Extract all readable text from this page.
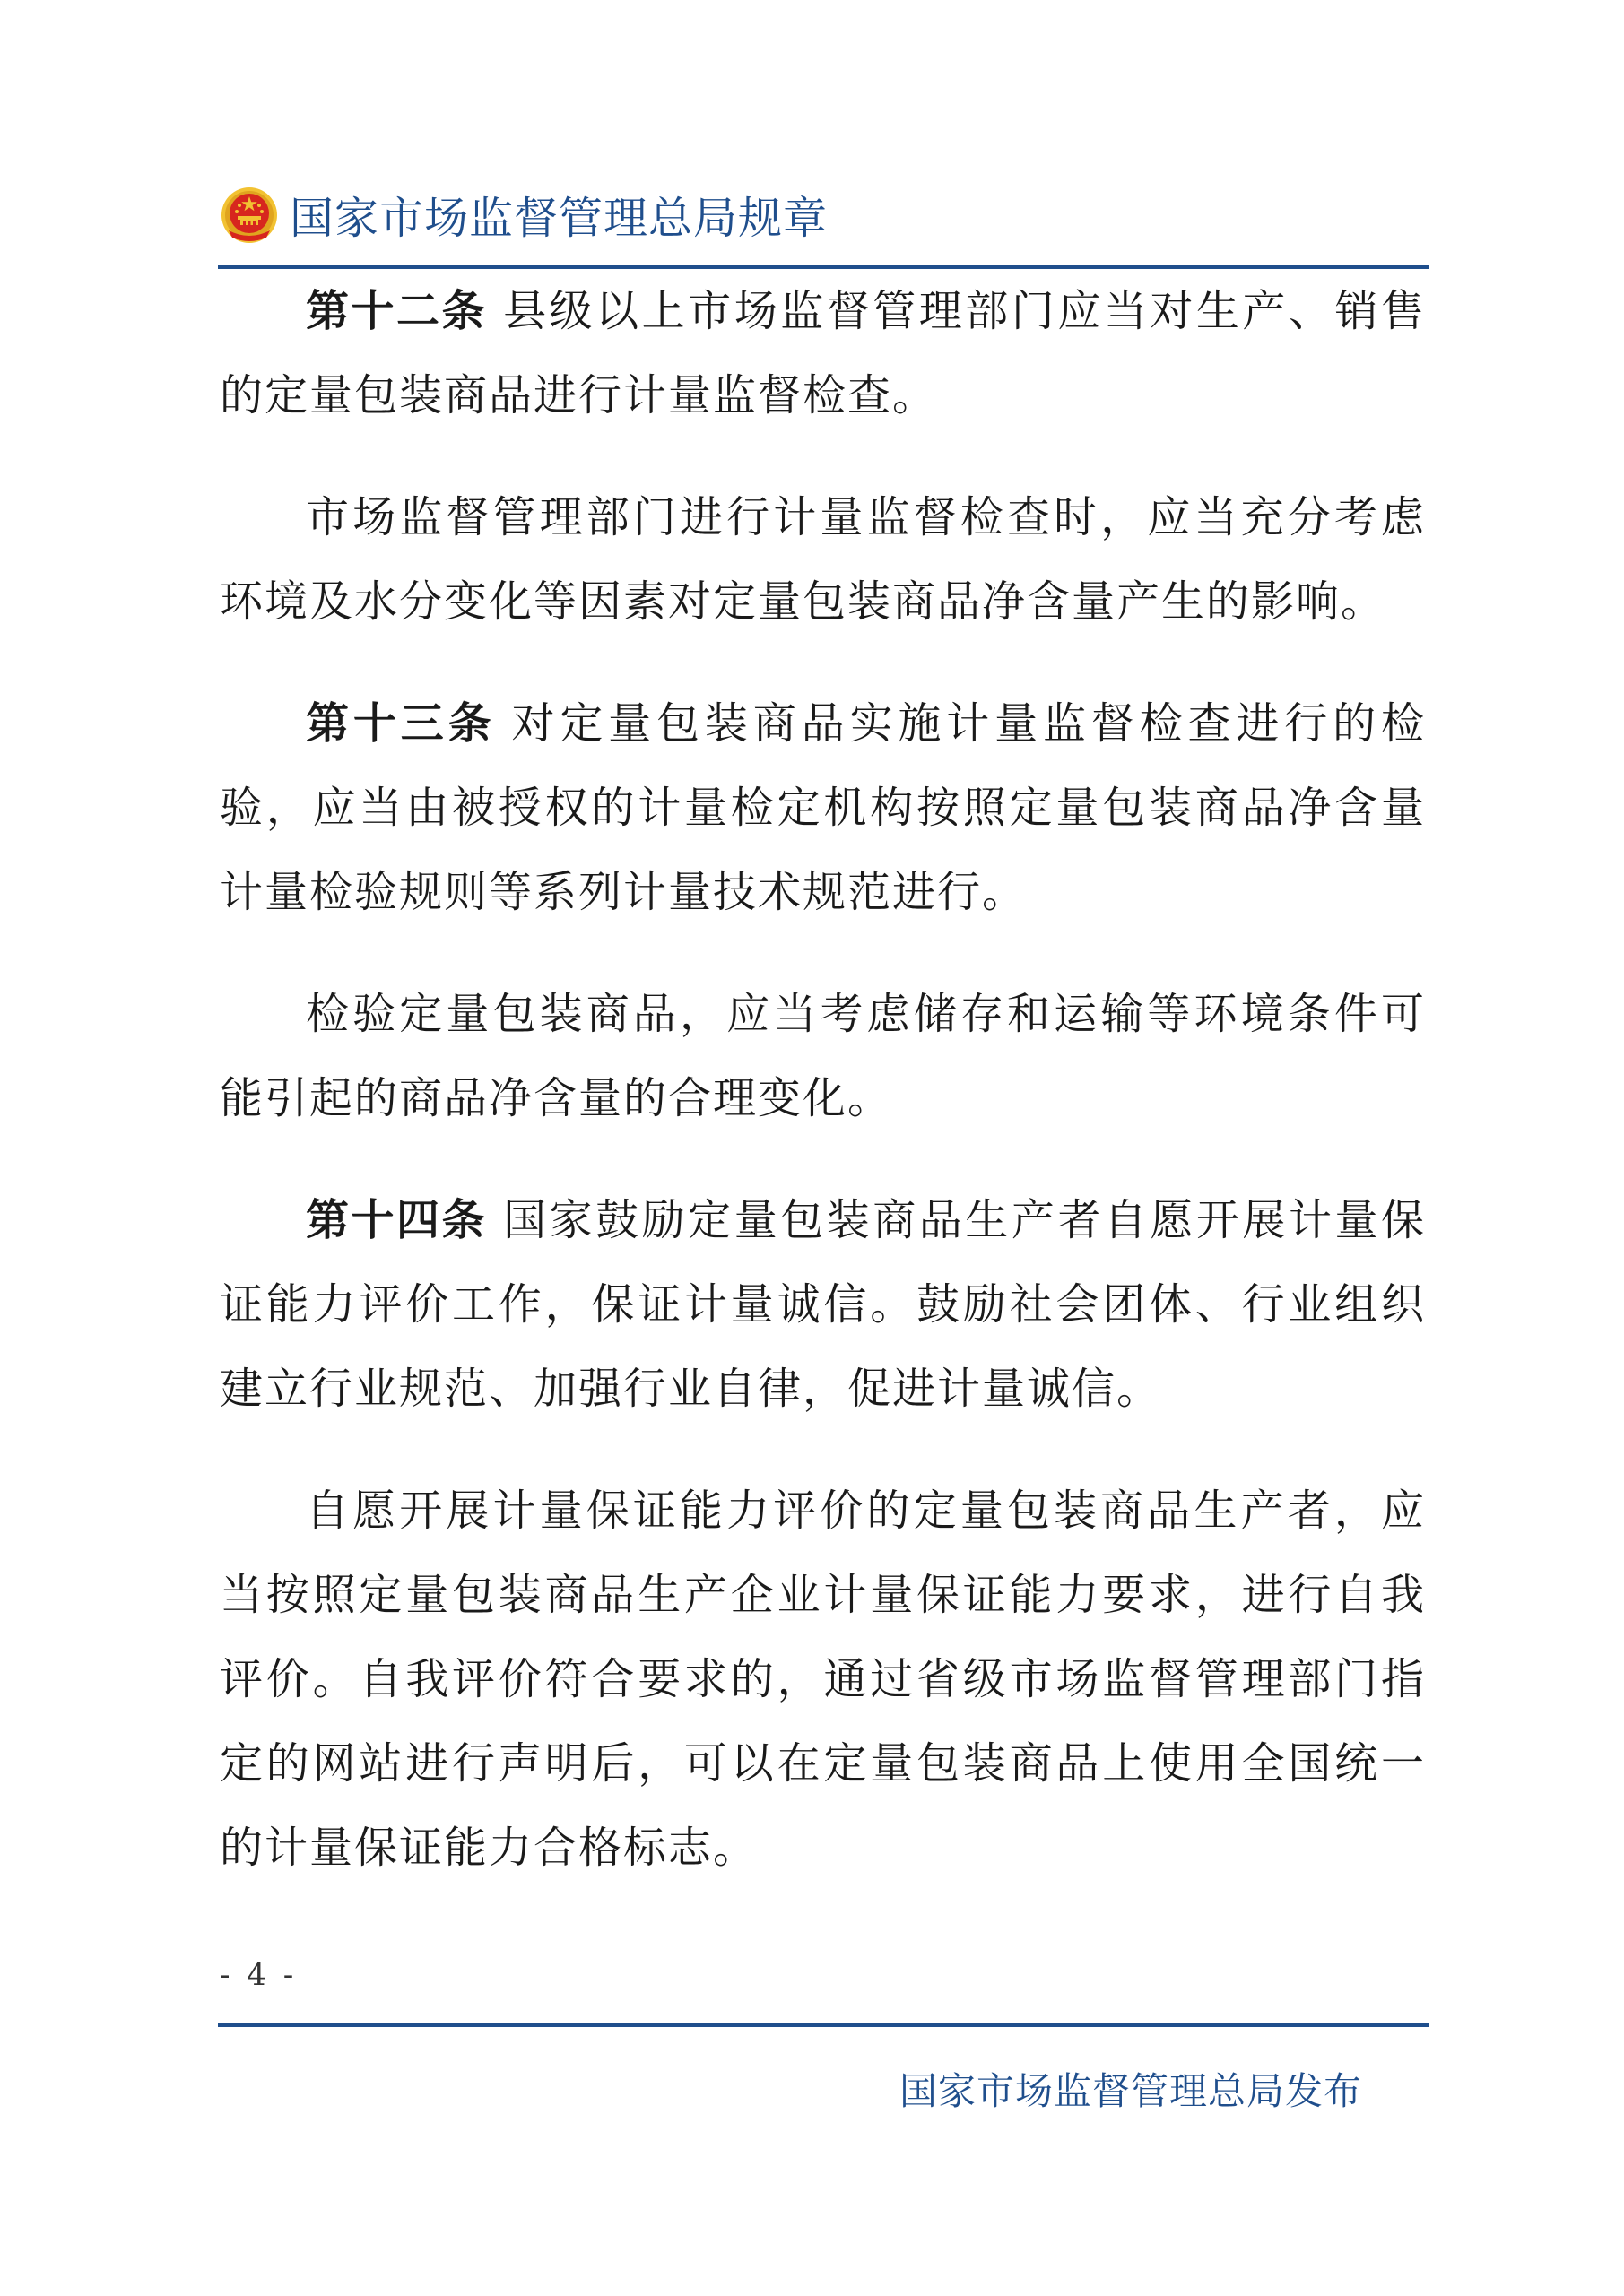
国家市场监督管理总局规章

第十二条 县级以上市场监督管理部门应当对生产、销售的定量包装商品进行计量监督检查。

市场监督管理部门进行计量监督检查时，应当充分考虑环境及水分变化等因素对定量包装商品净含量产生的影响。

第十三条 对定量包装商品实施计量监督检查进行的检验，应当由被授权的计量检定机构按照定量包装商品净含量计量检验规则等系列计量技术规范进行。

检验定量包装商品，应当考虑储存和运输等环境条件可能引起的商品净含量的合理变化。

第十四条 国家鼓励定量包装商品生产者自愿开展计量保证能力评价工作，保证计量诚信。鼓励社会团体、行业组织建立行业规范、加强行业自律，促进计量诚信。

自愿开展计量保证能力评价的定量包装商品生产者，应当按照定量包装商品生产企业计量保证能力要求，进行自我评价。自我评价符合要求的，通过省级市场监督管理部门指定的网站进行声明后，可以在定量包装商品上使用全国统一的计量保证能力合格标志。

- 4 -
国家市场监督管理总局发布
